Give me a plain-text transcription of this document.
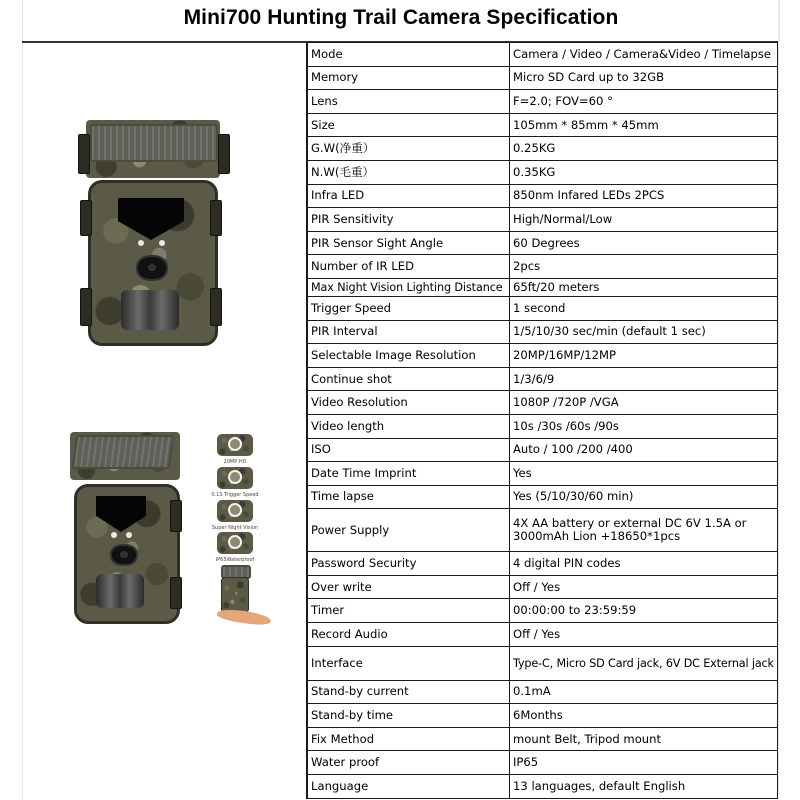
Mini700 Hunting Trail Camera Specification
20MP HD
0.1S Trigger Speed
Super Night Vision
IP65Waterproof
Mode	Camera / Video / Camera&Video / Timelapse
Memory	Micro SD Card up to 32GB
Lens	F=2.0; FOV=60 °
Size	105mm * 85mm * 45mm
G.W(净重）	0.25KG
N.W(毛重）	0.35KG
Infra LED	850nm Infared LEDs 2PCS
PIR Sensitivity	High/Normal/Low
PIR Sensor Sight Angle	60 Degrees
Number of IR LED	2pcs
Max Night Vision Lighting Distance	65ft/20 meters
Trigger Speed	1 second
PIR Interval	1/5/10/30 sec/min (default 1 sec)
Selectable Image Resolution	20MP/16MP/12MP
Continue shot	1/3/6/9
Video Resolution	1080P /720P /VGA
Video length	10s /30s /60s /90s
ISO	Auto / 100 /200 /400
Date Time Imprint	Yes
Time lapse	Yes (5/10/30/60 min)
Power Supply	4X AA battery or external DC 6V 1.5A or 3000mAh Lion +18650*1pcs
Password Security	4 digital PIN codes
Over write	Off / Yes
Timer	00:00:00 to 23:59:59
Record Audio	Off / Yes
Interface	Type-C, Micro SD Card jack, 6V DC External jack
Stand-by current	0.1mA
Stand-by time	6Months
Fix Method	mount Belt, Tripod mount
Water proof	IP65
Language	13 languages, default English
